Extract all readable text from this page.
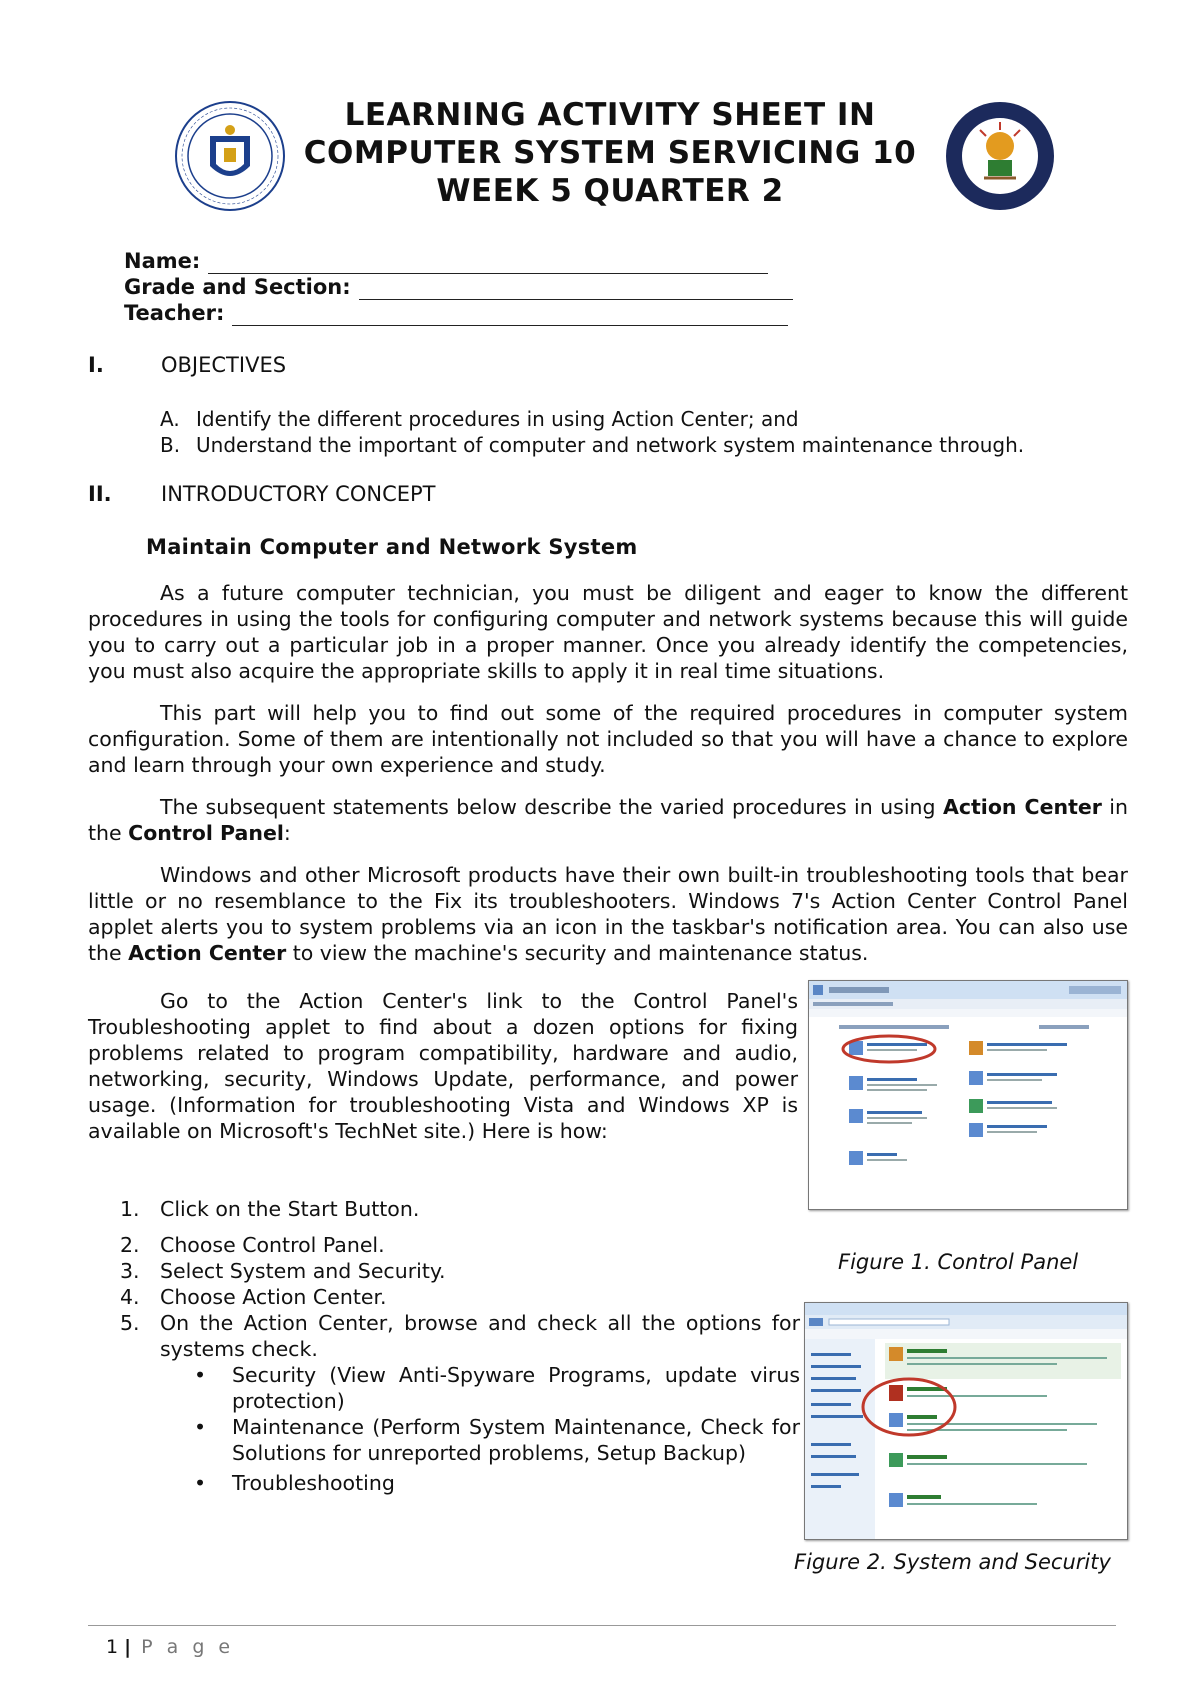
LEARNING ACTIVITY SHEET IN
COMPUTER SYSTEM SERVICING 10
WEEK 5 QUARTER 2
Name:
Grade and Section:
Teacher:
I.	OBJECTIVES
A. Identify the different procedures in using Action Center; and
B. Understand the important of computer and network system maintenance through.
II. INTRODUCTORY CONCEPT
Maintain Computer and Network System
As a future computer technician, you must be diligent and eager to know the different procedures in using the tools for configuring computer and network systems because this will guide you to carry out a particular job in a proper manner. Once you already identify the competencies, you must also acquire the appropriate skills to apply it in real time situations.
This part will help you to find out some of the required procedures in computer system configuration. Some of them are intentionally not included so that you will have a chance to explore and learn through your own experience and study.
The subsequent statements below describe the varied procedures in using Action Center in the Control Panel:
Windows and other Microsoft products have their own built-in troubleshooting tools that bear little or no resemblance to the Fix its troubleshooters. Windows 7's Action Center Control Panel applet alerts you to system problems via an icon in the taskbar's notification area. You can also use the Action Center to view the machine's security and maintenance status.
Go to the Action Center's link to the Control Panel's Troubleshooting applet to find about a dozen options for fixing problems related to program compatibility, hardware and audio, networking, security, Windows Update, performance, and power usage. (Information for troubleshooting Vista and Windows XP is available on Microsoft's TechNet site.) Here is how:
1. Click on the Start Button.
2. Choose Control Panel.
3. Select System and Security.
4. Choose Action Center.
5. On the Action Center, browse and check all the options for systems check.
• Security (View Anti-Spyware Programs, update virus protection)
• Maintenance (Perform System Maintenance, Check for Solutions for unreported problems, Setup Backup)
• Troubleshooting
Figure 1. Control Panel
Figure 2. System and Security
1 | P a g e
